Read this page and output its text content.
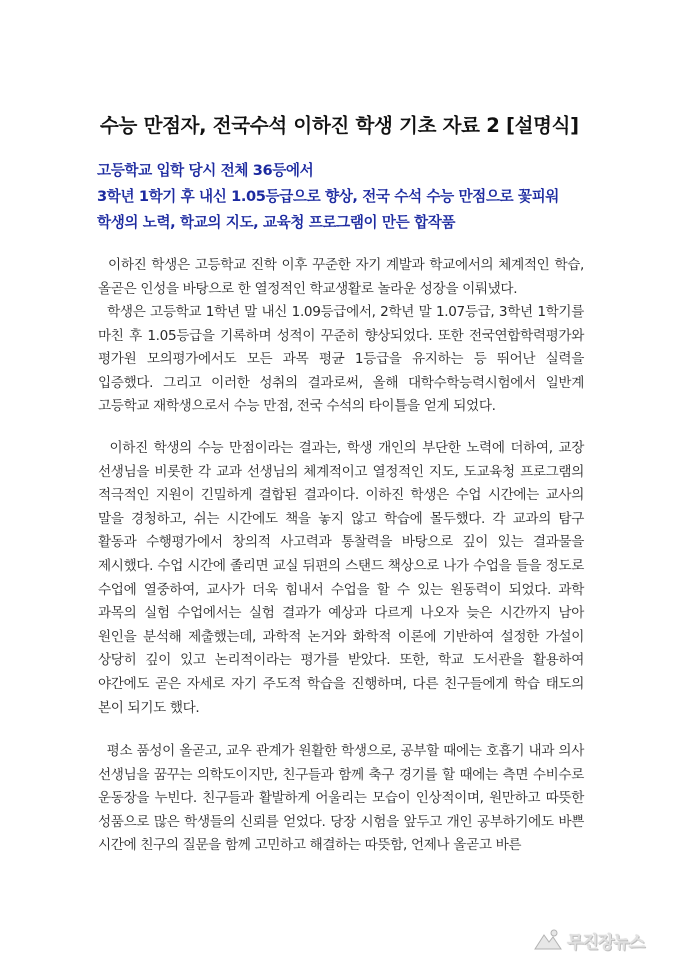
수능 만점자, 전국수석 이하진 학생 기초 자료 2 [설명식]
고등학교 입학 당시 전체 36등에서
3학년 1학기 후 내신 1.05등급으로 향상, 전국 수석 수능 만점으로 꽃피워
학생의 노력, 학교의 지도, 교육청 프로그램이 만든 합작품

이하진 학생은 고등학교 진학 이후 꾸준한 자기 계발과 학교에서의 체계적인 학습, 올곧은 인성을 바탕으로 한 열정적인 학교생활로 놀라운 성장을 이뤄냈다.

학생은 고등학교 1학년 말 내신 1.09등급에서, 2학년 말 1.07등급, 3학년 1학기를 마친 후 1.05등급을 기록하며 성적이 꾸준히 향상되었다. 또한 전국연합학력평가와 평가원 모의평가에서도 모든 과목 평균 1등급을 유지하는 등 뛰어난 실력을 입증했다. 그리고 이러한 성취의 결과로써, 올해 대학수학능력시험에서 일반계 고등학교 재학생으로서 수능 만점, 전국 수석의 타이틀을 얻게 되었다.

이하진 학생의 수능 만점이라는 결과는, 학생 개인의 부단한 노력에 더하여, 교장 선생님을 비롯한 각 교과 선생님의 체계적이고 열정적인 지도, 도교육청 프로그램의 적극적인 지원이 긴밀하게 결합된 결과이다. 이하진 학생은 수업 시간에는 교사의 말을 경청하고, 쉬는 시간에도 책을 놓지 않고 학습에 몰두했다. 각 교과의 탐구 활동과 수행평가에서 창의적 사고력과 통찰력을 바탕으로 깊이 있는 결과물을 제시했다. 수업 시간에 졸리면 교실 뒤편의 스탠드 책상으로 나가 수업을 들을 정도로 수업에 열중하여, 교사가 더욱 힘내서 수업을 할 수 있는 원동력이 되었다. 과학 과목의 실험 수업에서는 실험 결과가 예상과 다르게 나오자 늦은 시간까지 남아 원인을 분석해 제출했는데, 과학적 논거와 화학적 이론에 기반하여 설정한 가설이 상당히 깊이 있고 논리적이라는 평가를 받았다. 또한, 학교 도서관을 활용하여 야간에도 곧은 자세로 자기 주도적 학습을 진행하며, 다른 친구들에게 학습 태도의 본이 되기도 했다.

평소 품성이 올곧고, 교우 관계가 원활한 학생으로, 공부할 때에는 호흡기 내과 의사 선생님을 꿈꾸는 의학도이지만, 친구들과 함께 축구 경기를 할 때에는 측면 수비수로 운동장을 누빈다. 친구들과 활발하게 어울리는 모습이 인상적이며, 원만하고 따뜻한 성품으로 많은 학생들의 신뢰를 얻었다. 당장 시험을 앞두고 개인 공부하기에도 바쁜 시간에 친구의 질문을 함께 고민하고 해결하는 따뜻함, 언제나 올곧고 바른

무진장뉴스
